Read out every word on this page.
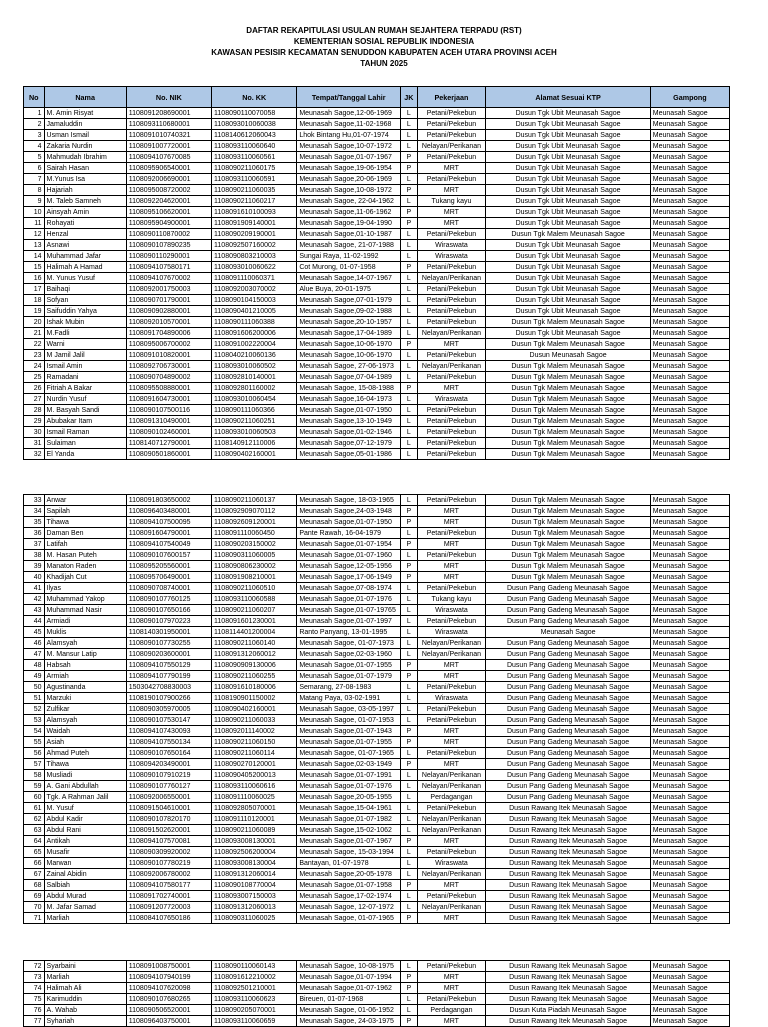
DAFTAR REKAPITULASI USULAN RUMAH SEJAHTERA TERPADU (RST)
KEMENTERIAN SOSIAL REPUBLIK INDONESIA
KAWASAN PESISIR KECAMATAN SENUDDON KABUPATEN ACEH UTARA PROVINSI ACEH
TAHUN 2025
No	Nama	No. NIK	No. KK	Tempat/Tanggal Lahir	JK	Pekerjaan	Alamat Sesuai KTP	Gampong
1	M. Amin Risyat	1108091208690001	1108090110070058	Meunasah Sagoe,12-06-1969	L	Petani/Pekebun	Dusun Tgk Ubit Meunasah Sagoe	Meunasah Sagoe
2	Jamaluddin	1108093110680001	1108093010060038	Meunasah Sagoe,11-02-1968	L	Petani/Pekebun	Dusun Tgk Ubit Meunasah Sagoe	Meunasah Sagoe
3	Usman Ismail	1108091010740321	1108140612060043	Lhok Bintang Hu,01-07-1974	L	Petani/Pekebun	Dusun Tgk Ubit Meunasah Sagoe	Meunasah Sagoe
4	Zakaria Nurdin	1108091007720001	1108093110060640	Meunasah Sagoe,10-07-1972	L	Nelayan/Perikanan	Dusun Tgk Ubit Meunasah Sagoe	Meunasah Sagoe
5	Mahmudah Ibrahim	1108094107670085	1108093110060561	Meunasah Sagoe,01-07-1967	P	Petani/Pekebun	Dusun Tgk Ubit Meunasah Sagoe	Meunasah Sagoe
6	Sairah Hasan	1108095906540001	1108090211060175	Meunasah Sagoe,19-06-1954	P	MRT	Dusun Tgk Ubit Meunasah Sagoe	Meunasah Sagoe
7	M.Yunus Isa	1108092006690001	1108093110060591	Meunasah Sagoe,20-06-1969	L	Petani/Pekebun	Dusun Tgk Ubit Meunasah Sagoe	Meunasah Sagoe
8	Hajariah	1108095008720002	1108090211060035	Meunasah Sagoe,10-08-1972	P	MRT	Dusun Tgk Ubit Meunasah Sagoe	Meunasah Sagoe
9	M. Taleb Samneh	1108092204620001	1108090211060217	Meunasah Sagoe, 22-04-1962	L	Tukang kayu	Dusun Tgk Ubit Meunasah Sagoe	Meunasah Sagoe
10	Ainsyah Amin	1108095106620001	1108091610100093	Meunasah Sagoe,11-06-1962	P	MRT	Dusun Tgk Ubit Meunasah Sagoe	Meunasah Sagoe
11	Rohayati	1108095904900001	1108091909140001	Meunasah Sagoe,19-04-1990	P	MRT	Dusun Tgk Ubit Meunasah Sagoe	Meunasah Sagoe
12	Henzal	1108090110870002	1108090209190001	Meunasah Sagoe,01-10-1987	L	Petani/Pekebun	Dusun Tgk Malem Meunasah Sagoe	Meunasah Sagoe
13	Asnawi	1108090107890235	1108092507160002	Meunasah Sagoe, 21-07-1988	L	Wiraswata	Dusun Tgk Ubit Meunasah Sagoe	Meunasah Sagoe
14	Muhammad Jafar	1108090110290001	1108090803210003	Sungai Raya, 11-02-1992	L	Wiraswata	Dusun Tgk Ubit Meunasah Sagoe	Meunasah Sagoe
15	Halimah A Hamad	1108094107580171	1108093010060622	Cot Murong, 01-07-1958	P	Petani/Pekebun	Dusun Tgk Ubit Meunasah Sagoe	Meunasah Sagoe
16	M. Yunus Yusuf	1108094107670002	1108091110060371	Meunasah Sagoe,14-07-1967	L	Nelayan/Perikanan	Dusun Tgk Ubit Meunasah Sagoe	Meunasah Sagoe
17	Baihaqi	1108092001750003	1108092003070002	Alue Buya, 20-01-1975	L	Petani/Pekebun	Dusun Tgk Ubit Meunasah Sagoe	Meunasah Sagoe
18	Sofyan	1108090701790001	1108090104150003	Meunasah Sagoe,07-01-1979	L	Petani/Pekebun	Dusun Tgk Ubit Meunasah Sagoe	Meunasah Sagoe
19	Saifuddin Yahya	1108090902880001	1108090401210005	Meunasah Sagoe,09-02-1988	L	Petani/Pekebun	Dusun Tgk Ubit Meunasah Sagoe	Meunasah Sagoe
20	Ishak Mubin	1108092010570001	1108090111060388	Meunasah Sagoe,20-10-1957	L	Petani/Pekebun	Dusun Tgk Malem Meunasah Sagoe	Meunasah Sagoe
21	M.Fadli	1108091704890006	1108091606200006	Meunasah Sagoe,17-04-1989	L	Nelayan/Perikanan	Dusun Tgk Ubit Meunasah Sagoe	Meunasah Sagoe
22	Warni	1108095006700002	1108091002220004	Meunasah Sagoe,10-06-1970	P	MRT	Dusun Tgk Malem Meunasah Sagoe	Meunasah Sagoe
23	M Jamil Jalil	1108091010820001	1108040210060136	Meunasah Sagoe,10-06-1970	L	Petani/Pekebun	Dusun Meunasah Sagoe	Meunasah Sagoe
24	Ismail Amin	1108092706730001	1108093010060502	Meunasah Sagoe, 27-06-1973	L	Nelayan/Perikanan	Dusun Tgk Malem Meunasah Sagoe	Meunasah Sagoe
25	Ramadani	1108090704890002	1108092810140001	Meunasah Sagoe,07-04-1989	L	Petani/Pekebun	Dusun Tgk Malem Meunasah Sagoe	Meunasah Sagoe
26	Fitriah A Bakar	1108095508880001	1108092801160002	Meunasah Sagoe, 15-08-1988	P	MRT	Dusun Tgk Malem Meunasah Sagoe	Meunasah Sagoe
27	Nurdin Yusuf	1108091604730001	1108093010060454	Meunasah Sagoe,16-04-1973	L	Wiraswata	Dusun Tgk Malem Meunasah Sagoe	Meunasah Sagoe
28	M. Basyah Sandi	1108090107500116	1108090111060366	Meunasah Sagoe,01-07-1950	L	Petani/Pekebun	Dusun Tgk Malem Meunasah Sagoe	Meunasah Sagoe
29	Abubakar Itam	1108091310490001	1108090211060251	Meunasah Sagoe,13-10-1949	L	Petani/Pekebun	Dusun Tgk Malem Meunasah Sagoe	Meunasah Sagoe
30	Ismail Raman	1108090102460001	1108093010060503	Meunasah Sagoe,01-02-1946	L	Petani/Pekebun	Dusun Tgk Malem Meunasah Sagoe	Meunasah Sagoe
31	Sulaiman	1108140712790001	1108140912110006	Meunasah Sagoe,07-12-1979	L	Petani/Pekebun	Dusun Tgk Malem Meunasah Sagoe	Meunasah Sagoe
32	El Yanda	1108090501860001	1108090402160001	Meunasah Sagoe,05-01-1986	L	Petani/Pekebun	Dusun Tgk Malem Meunasah Sagoe	Meunasah Sagoe
33	Anwar	1108091803650002	1108090211060137	Meunasah Sagoe, 18-03-1965	L	Petani/Pekebun	Dusun Tgk Malem Meunasah Sagoe	Meunasah Sagoe
34	Sapilah	1108096403480001	1108092909070112	Meunasah Sagoe,24-03-1948	P	MRT	Dusun Tgk Malem Meunasah Sagoe	Meunasah Sagoe
35	Tihawa	1108094107500095	1108092609120001	Meunasah Sagoe,01-07-1950	P	MRT	Dusun Tgk Malem Meunasah Sagoe	Meunasah Sagoe
36	Daman Ben	1108091604790001	1108091110060450	Pante Rawah, 16-04-1979	L	Petani/Pekebun	Dusun Tgk Malem Meunasah Sagoe	Meunasah Sagoe
37	Latifah	1108094107540049	1108090203150002	Meunasah Sagoe,01-07-1954	P	MRT	Dusun Tgk Malem Meunasah Sagoe	Meunasah Sagoe
38	M. Hasan Puteh	1108090107600157	1108090311060005	Meunasah Sagoe,01-07-1960	L	Petani/Pekebun	Dusun Tgk Malem Meunasah Sagoe	Meunasah Sagoe
39	Manaton Raden	1108095205560001	1108090806230002	Meunasah Sagoe,12-05-1956	P	MRT	Dusun Tgk Malem Meunasah Sagoe	Meunasah Sagoe
40	Khadijah Cut	1108095706490001	1108091908210001	Meunasah Sagoe,17-06-1949	P	MRT	Dusun Tgk Malem Meunasah Sagoe	Meunasah Sagoe
41	Ilyas	1108090708740001	1108090211060510	Meunasah Sagoe,07-08-1974	L	Petani/Pekebun	Dusun Pang Gadeng Meunasah Sagoe	Meunasah Sagoe
42	Muhammad Yakop	1108090107760125	1108093110060588	Meunasah Sagoe,01-07-1976	L	Tukang kayu	Dusun Pang Gadeng Meunasah Sagoe	Meunasah Sagoe
43	Muhammad Nasir	1108090107650166	1108090211060207	Meunasah Sagoe,01-07-19765	L	Wiraswata	Dusun Pang Gadeng Meunasah Sagoe	Meunasah Sagoe
44	Armiadi	1108090107970223	1108091601230001	Meunasah Sagoe,01-07-1997	L	Petani/Pekebun	Dusun Pang Gadeng Meunasah Sagoe	Meunasah Sagoe
45	Muklis	1108140301950001	1108114401200004	Ranto Panyang, 13-01-1995	L	Wiraswata	Meunasah Sagoe	Meunasah Sagoe
46	Alamsyah	1108090107730255	1108090211060140	Meunasah Sagoe, 01-07-1973	L	Nelayan/Perikanan	Dusun Pang Gadeng Meunasah Sagoe	Meunasah Sagoe
47	M. Mansur Latip	1108090203600001	1108091312060012	Meunasah Sagoe,02-03-1960	L	Nelayan/Perikanan	Dusun Pang Gadeng Meunasah Sagoe	Meunasah Sagoe
48	Habsah	1108094107550129	1108090909130006	Meunasah Sagoe,01-07-1955	P	MRT	Dusun Pang Gadeng Meunasah Sagoe	Meunasah Sagoe
49	Armiah	1108094107790199	1108090211060255	Meunasah Sagoe,01-07-1979	P	MRT	Dusun Pang Gadeng Meunasah Sagoe	Meunasah Sagoe
50	Agustinanda	1503042708830003	1108091610180006	Semarang, 27-08-1983	L	Petani/Pekebun	Dusun Pang Gadeng Meunasah Sagoe	Meunasah Sagoe
51	Marzuki	1108190107900266	1108190901150002	Matang Paya, 03-02-1991	L	Wiraswata	Dusun Pang Gadeng Meunasah Sagoe	Meunasah Sagoe
52	Zulfikar	1108090305970005	1108090402160001	Meunasah Sagoe, 03-05-1997	L	Petani/Pekebun	Dusun Pang Gadeng Meunasah Sagoe	Meunasah Sagoe
53	Alamsyah	1108090107530147	1108090211060033	Meunasah Sagoe, 01-07-1953	L	Petani/Pekebun	Dusun Pang Gadeng Meunasah Sagoe	Meunasah Sagoe
54	Waidah	1108094107430093	1108092011140002	Meunasah Sagoe,01-07-1943	P	MRT	Dusun Pang Gadeng Meunasah Sagoe	Meunasah Sagoe
55	Asiah	1108094107550134	1108090211060150	Meunasah Sagoe,01-07-1955	P	MRT	Dusun Pang Gadeng Meunasah Sagoe	Meunasah Sagoe
56	Ahmad Puteh	1108090107650164	1108090211060114	Meunasah Sagoe, 01-07-1965	L	Petani/Pekebun	Dusun Pang Gadeng Meunasah Sagoe	Meunasah Sagoe
57	Tihawa	1108094203490001	1108090270120001	Meunasah Sagoe,02-03-1949	P	MRT	Dusun Pang Gadeng Meunasah Sagoe	Meunasah Sagoe
58	Musliadi	1108090107910219	1108090405200013	Meunasah Sagoe,01-07-1991	L	Nelayan/Perikanan	Dusun Pang Gadeng Meunasah Sagoe	Meunasah Sagoe
59	A. Gani Abdullah	1108090107760127	1108093110060616	Meunasah Sagoe,01-07-1976	L	Nelayan/Perikanan	Dusun Pang Gadeng Meunasah Sagoe	Meunasah Sagoe
60	Tgk. A Rahman Jalil	1108092006550001	1108091110060025	Meunasah Sagoe,20-05-1955	L	Perdagangan	Dusun Pang Gadeng Meunasah Sagoe	Meunasah Sagoe
61	M. Yusuf	1108091504610001	1108092805070001	Meunasah Sagoe,15-04-1961	L	Petani/Pekebun	Dusun Rawang Itek Meunasah Sagoe	Meunasah Sagoe
62	Abdul Kadir	1108090107820170	1108091110120001	Meunasah Sagoe,01-07-1982	L	Nelayan/Perikanan	Dusun Rawang Itek Meunasah Sagoe	Meunasah Sagoe
63	Abdul Rani	1108091502620001	1108090211060089	Meunasah Sagoe,15-02-1062	L	Nelayan/Perikanan	Dusun Rawang Itek Meunasah Sagoe	Meunasah Sagoe
64	Antikah	1108094107570081	1108093008130001	Meunasah Sagoe,01-07-1967	P	MRT	Dusun Rawang Itek Meunasah Sagoe	Meunasah Sagoe
65	Musafir	1108090309920002	1108092506200004	Meunasah Sagoe, 15-03-1994	L	Petani/Pekebun	Dusun Rawang Itek Meunasah Sagoe	Meunasah Sagoe
66	Marwan	1108090107780219	1108093008130004	Bantayan, 01-07-1978	L	Wiraswata	Dusun Rawang Itek Meunasah Sagoe	Meunasah Sagoe
67	Zainal Abidin	1108092006780002	1108091312060014	Meunasah Sagoe,20-05-1978	L	Nelayan/Perikanan	Dusun Rawang Itek Meunasah Sagoe	Meunasah Sagoe
68	Salbiah	1108094107580177	1108090108770004	Meunasah Sagoe,01-07-1958	P	MRT	Dusun Rawang Itek Meunasah Sagoe	Meunasah Sagoe
69	Abdul Murad	1108091702740001	1108093007150003	Meunasah Sagoe,17-02-1974	L	Petani/Pekebun	Dusun Rawang Itek Meunasah Sagoe	Meunasah Sagoe
70	M. Jafar Samad	1108091207720003	1108091312060013	Meunasah Sagoe, 12-07-1972	L	Nelayan/Perikanan	Dusun Rawang Itek Meunasah Sagoe	Meunasah Sagoe
71	Marliah	1108084107650186	1108090311060025	Meunasah Sagoe, 01-07-1965	P	MRT	Dusun Rawang Itek Meunasah Sagoe	Meunasah Sagoe
72	Syarbaini	1108091008750001	1108090110060143	Meunasah Sagoe, 10-08-1975	L	Petani/Pekebun	Dusun Rawang Itek Meunasah Sagoe	Meunasah Sagoe
73	Marliah	1108094107940199	1108091612210002	Meunasah Sagoe,01-07-1994	P	MRT	Dusun Rawang Itek Meunasah Sagoe	Meunasah Sagoe
74	Halimah Ali	1108094107620098	1108092501210001	Meunasah Sagoe,01-07-1962	P	MRT	Dusun Rawang Itek Meunasah Sagoe	Meunasah Sagoe
75	Karimuddin	1108090107680265	1108093110060623	Bireuen, 01-07-1968	L	Petani/Pekebun	Dusun Rawang Itek Meunasah Sagoe	Meunasah Sagoe
76	A. Wahab	1108090506520001	1108090205070001	Meunasah Sagoe, 01-06-1952	L	Perdagangan	Dusun Kuta Piadah Meunasah Sagoe	Meunasah Sagoe
77	Syhariah	1108096403750001	1108093110060659	Meunasah Sagoe, 24-03-1975	P	MRT	Dusun Rawang Itek Meunasah Sagoe	Meunasah Sagoe
